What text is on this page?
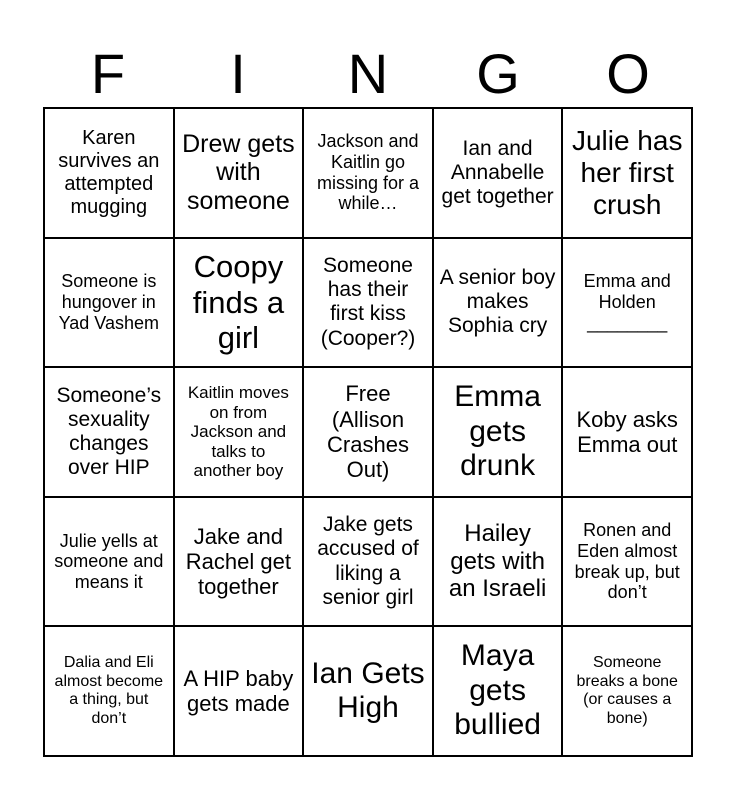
F	I	N	G	O
Karen survives an attempted mugging
Drew gets with someone
Jackson and Kaitlin go missing for a while…
Ian and Annabelle get together
Julie has her first crush
Someone is hungover in Yad Vashem
Coopy finds a girl
Someone has their first kiss (Cooper?)
A senior boy makes Sophia cry
Emma and Holden ________
Someone’s sexuality changes over HIP
Kaitlin moves on from Jackson and talks to another boy
Free (Allison Crashes Out)
Emma gets drunk
Koby asks Emma out
Julie yells at someone and means it
Jake and Rachel get together
Jake gets accused of liking a senior girl
Hailey gets with an Israeli
Ronen and Eden almost break up, but don’t
Dalia and Eli almost become a thing, but don’t
A HIP baby gets made
Ian Gets High
Maya gets bullied
Someone breaks a bone (or causes a bone)
